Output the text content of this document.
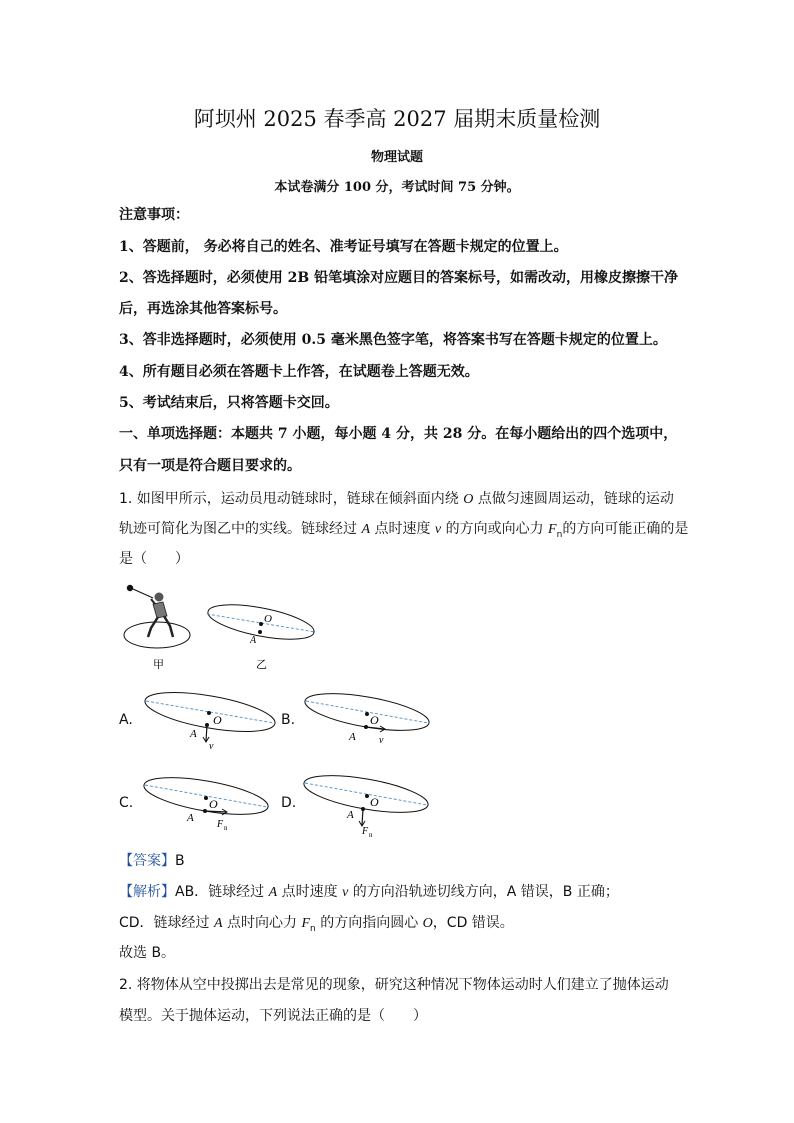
阿坝州 2025 春季高 2027 届期末质量检测
物理试题
本试卷满分 100 分，考试时间 75 分钟。
注意事项：
1、答题前， 务必将自己的姓名、准考证号填写在答题卡规定的位置上。
2、答选择题时，必须使用 2B 铅笔填涂对应题目的答案标号，如需改动，用橡皮擦擦干净
后，再选涂其他答案标号。
3、答非选择题时，必须使用 0.5 毫米黑色签字笔，将答案书写在答题卡规定的位置上。
4、所有题目必须在答题卡上作答，在试题卷上答题无效。
5、考试结束后，只将答题卡交回。
一、单项选择题：本题共 7 小题，每小题 4 分，共 28 分。在每小题给出的四个选项中，
只有一项是符合题目要求的。
1. 如图甲所示，运动员甩动链球时，链球在倾斜面内绕 O 点做匀速圆周运动，链球的运动
轨迹可简化为图乙中的实线。链球经过 A 点时速度 v 的方向或向心力 $F_n$的方向可能正确的是
是（　　）
O
A
甲	乙
A.	O
A
v
B.	O
A v
C.	O
A
F n
D.	O
A
F n
【答案】B
【解析】AB．链球经过 A 点时速度 v 的方向沿轨迹切线方向，A 错误，B 正确；
CD．链球经过 A 点时向心力 $F_n$ 的方向指向圆心 O，CD 错误。
故选 B。
2. 将物体从空中投掷出去是常见的现象，研究这种情况下物体运动时人们建立了抛体运动
模型。关于抛体运动，下列说法正确的是（　　）
